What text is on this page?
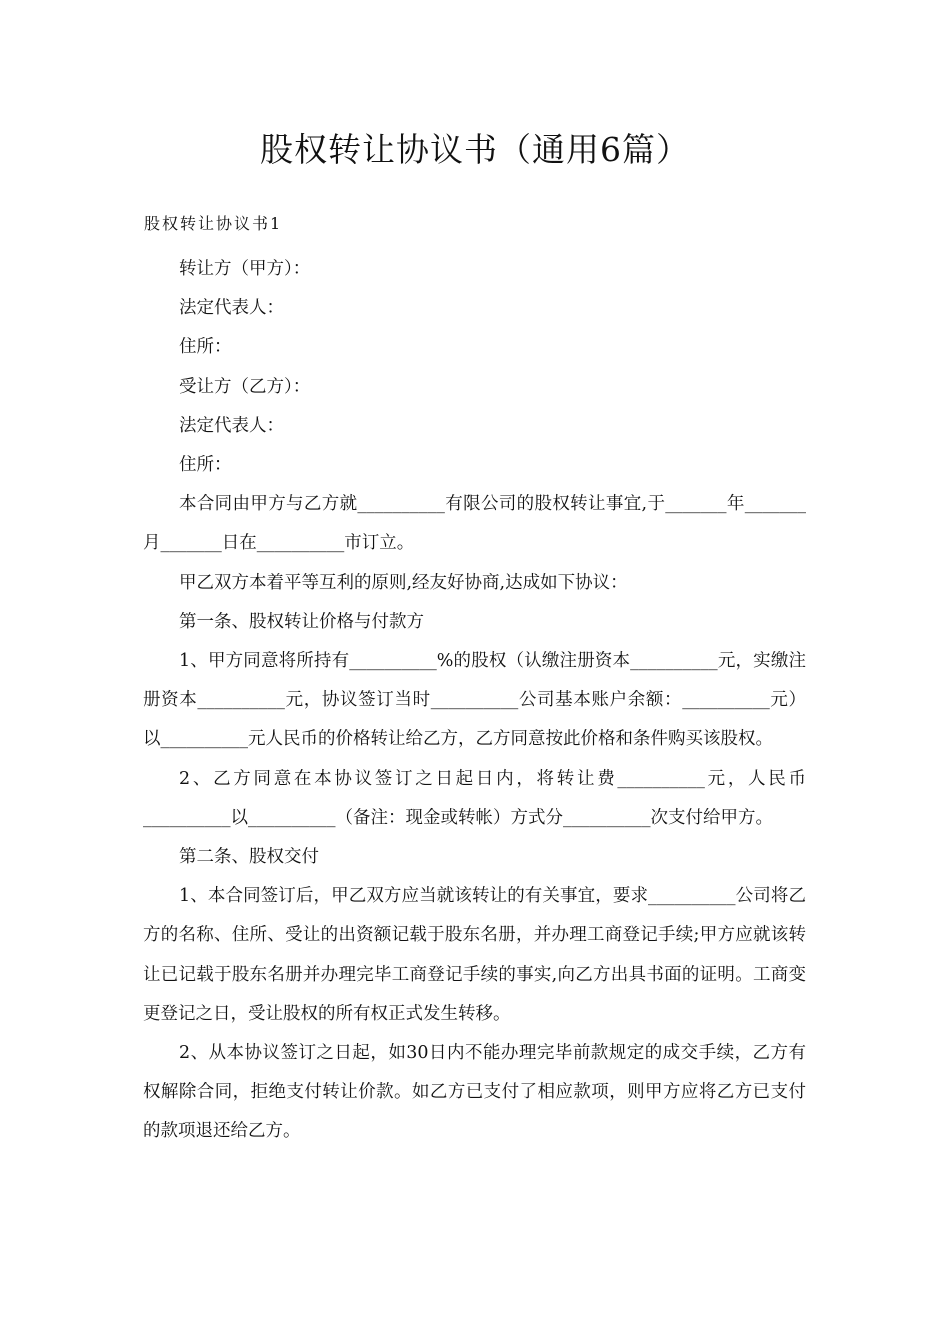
股权转让协议书（通用6篇）
股权转让协议书1

转让方（甲方）：

法定代表人：

住所：

受让方（乙方）：

法定代表人：

住所：

本合同由甲方与乙方就__________有限公司的股权转让事宜,于_______年_______月_______日在__________市订立。

甲乙双方本着平等互利的原则,经友好协商,达成如下协议：

第一条、股权转让价格与付款方

1、甲方同意将所持有__________%的股权（认缴注册资本__________元，实缴注册资本__________元，协议签订当时__________公司基本账户余额：__________元）以__________元人民币的价格转让给乙方，乙方同意按此价格和条件购买该股权。

2、乙方同意在本协议签订之日起日内，将转让费__________元，人民币__________以__________（备注：现金或转帐）方式分__________次支付给甲方。

第二条、股权交付

1、本合同签订后，甲乙双方应当就该转让的有关事宜，要求__________公司将乙方的名称、住所、受让的出资额记载于股东名册，并办理工商登记手续;甲方应就该转让已记载于股东名册并办理完毕工商登记手续的事实,向乙方出具书面的证明。工商变更登记之日，受让股权的所有权正式发生转移。

2、从本协议签订之日起，如30日内不能办理完毕前款规定的成交手续，乙方有权解除合同，拒绝支付转让价款。如乙方已支付了相应款项，则甲方应将乙方已支付的款项退还给乙方。
